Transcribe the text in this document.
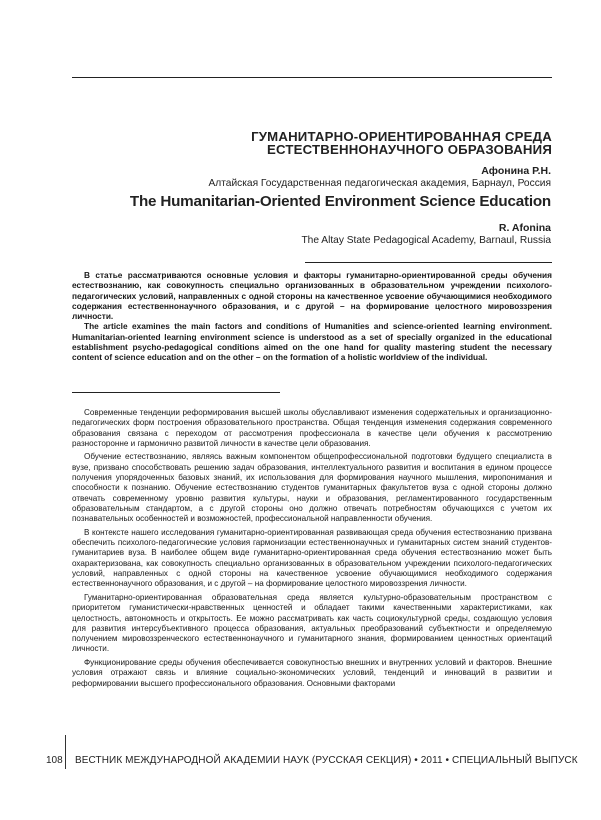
ГУМАНИТАРНО-ОРИЕНТИРОВАННАЯ СРЕДА
ЕСТЕСТВЕННОНАУЧНОГО ОБРАЗОВАНИЯ
Афонина Р.Н.
Алтайская Государственная педагогическая академия, Барнаул, Россия
The Humanitarian-Oriented Environment Science Education
R. Afonina
The Altay State Pedagogical Academy, Barnaul, Russia

В статье рассматриваются основные условия и факторы гуманитарно-ориентированной среды обучения естествознанию, как совокупность специально организованных в образовательном учреждении психолого-педагогических условий, направленных с одной стороны на качественное усвоение обучающимися необходимого содержания естественнонаучного образования, и с другой – на формирование целостного мировоззрения личности.

The article examines the main factors and conditions of Humanities and science-oriented learning environment. Humanitarian-oriented learning environment science is understood as a set of specially organized in the educational establishment psycho-pedagogical conditions aimed on the one hand for quality mastering student the necessary content of science education and on the other – on the formation of a holistic worldview of the individual.

Современные тенденции реформирования высшей школы обуславливают изменения содержательных и организационно-педагогических форм построения образовательного пространства. Общая тенденция изменения содержания современного образования связана с переходом от рассмотрения профессионала в качестве цели обучения к рассмотрению разносторонне и гармонично развитой личности в качестве цели образования.

Обучение естествознанию, являясь важным компонентом общепрофессиональной подготовки будущего специалиста в вузе, призвано способствовать решению задач образования, интеллектуального развития и воспитания в едином процессе получения упорядоченных базовых знаний, их использования для формирования научного мышления, миропонимания и способности к познанию. Обучение естествознанию студентов гуманитарных факультетов вуза с одной стороны должно отвечать современному уровню развития культуры, науки и образования, регламентированного государственным образовательным стандартом, а с другой стороны оно должно отвечать потребностям обучающихся с учетом их познавательных особенностей и возможностей, профессиональной направленности обучения.

В контексте нашего исследования гуманитарно-ориентированная развивающая среда обучения естествознанию призвана обеспечить психолого-педагогические условия гармонизации естественнонаучных и гуманитарных систем знаний студентов-гуманитариев вуза. В наиболее общем виде гуманитарно-ориентированная среда обучения естествознанию может быть охарактеризована, как совокупность специально организованных в образовательном учреждении психолого-педагогических условий, направленных с одной стороны на качественное усвоение обучающимися необходимого содержания естественнонаучного образования, и с другой – на формирование целостного мировоззрения личности.

Гуманитарно-ориентированная образовательная среда является культурно-образовательным пространством с приоритетом гуманистически-нравственных ценностей и обладает такими качественными характеристиками, как целостность, автономность и открытость. Ее можно рассматривать как часть социокультурной среды, создающую условия для развития интерсубъективного процесса образования, актуальных преобразований субъектности и определяемую получением мировоззренческого естественнонаучного и гуманитарного знания, формированием ценностных ориентаций личности.

Функционирование среды обучения обеспечивается совокупностью внешних и внутренних условий и факторов. Внешние условия отражают связь и влияние социально-экономических условий, тенденций и инноваций в развитии и реформировании высшего профессионального образования. Основными факторами

108 ВЕСТНИК МЕЖДУНАРОДНОЙ АКАДЕМИИ НАУК (РУССКАЯ СЕКЦИЯ) • 2011 • СПЕЦИАЛЬНЫЙ ВЫПУСК
